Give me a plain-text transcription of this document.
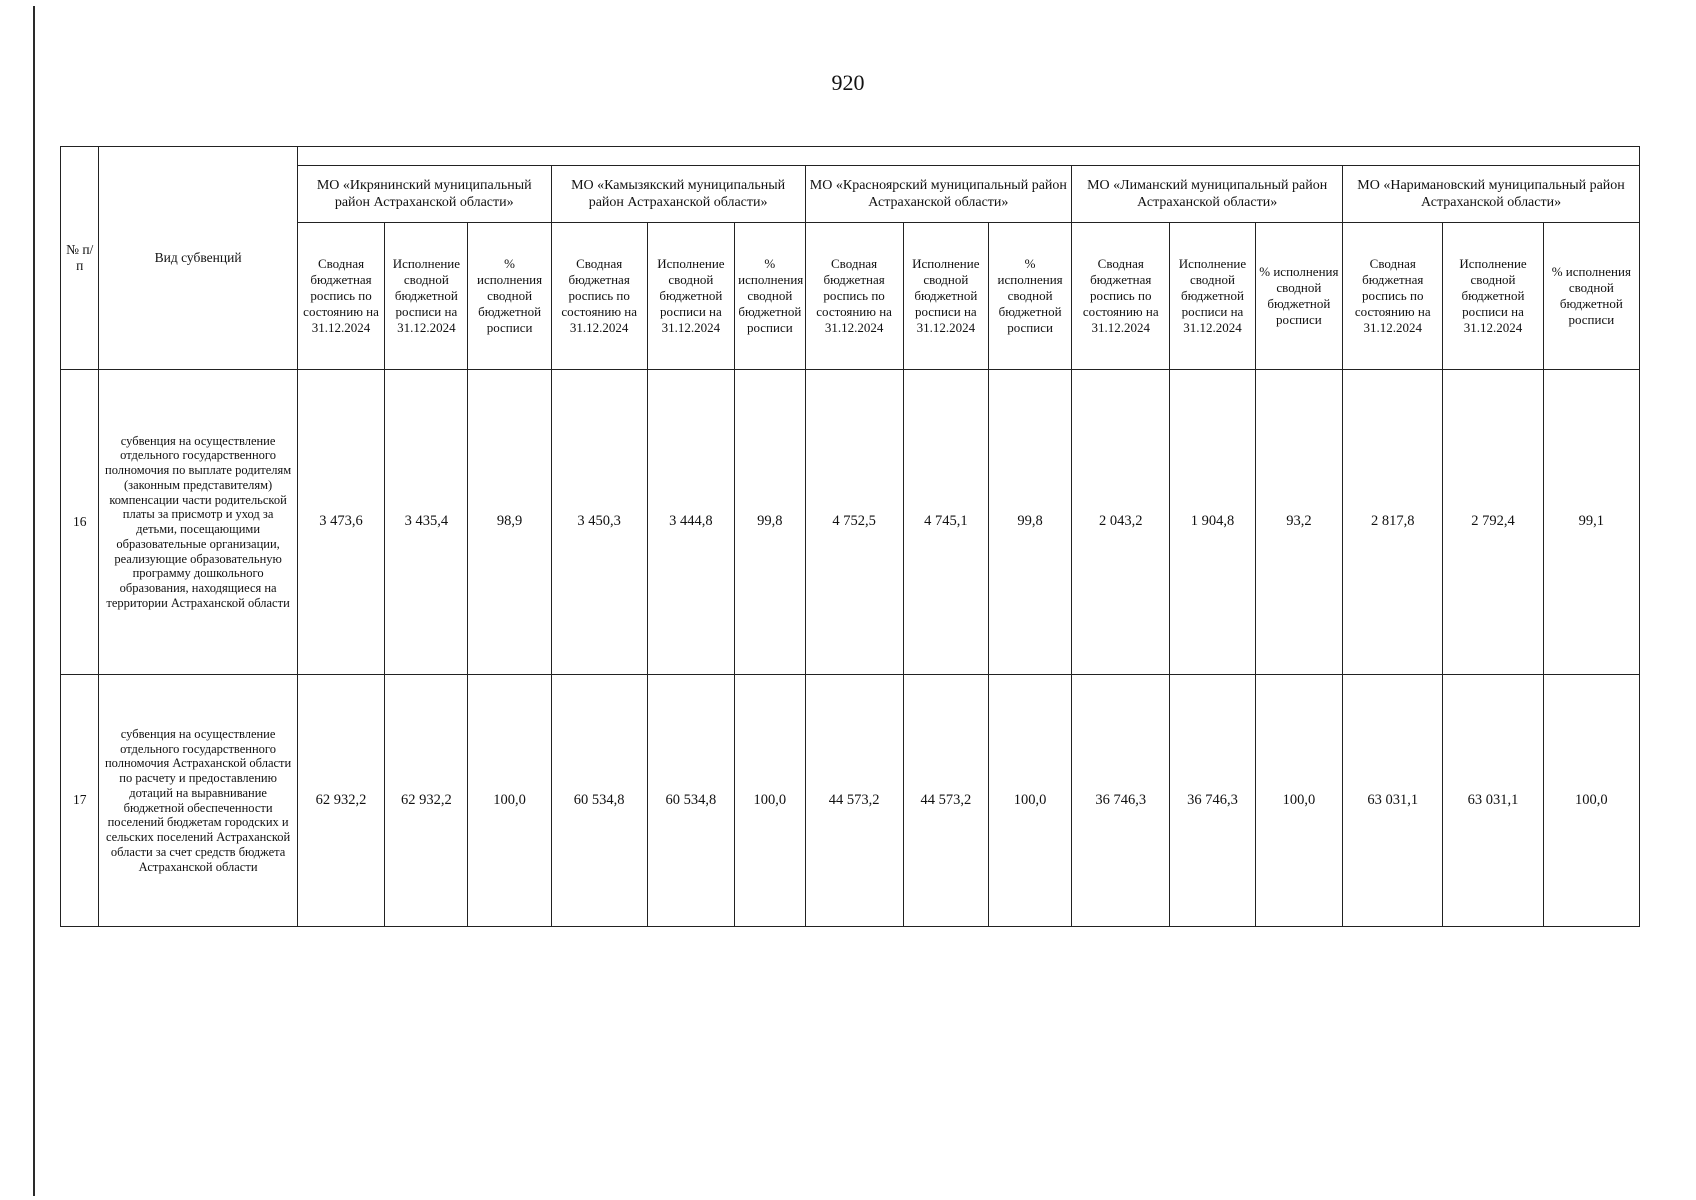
920
№ п/п	Вид субвенций															
		МО «Икрянинский муниципальный район Астраханской области»			МО «Камызякский муниципальный район Астраханской области»			МО «Красноярский муниципальный район Астраханской области»			МО «Лиманский муниципальный район Астраханской области»			МО «Наримановский муниципальный район Астраханской области»		
		Сводная бюджетная роспись по состоянию на 31.12.2024	Исполнение сводной бюджетной росписи на 31.12.2024	% исполнения сводной бюджетной росписи	Сводная бюджетная роспись по состоянию на 31.12.2024	Исполнение сводной бюджетной росписи на 31.12.2024	% исполнения сводной бюджетной росписи	Сводная бюджетная роспись по состоянию на 31.12.2024	Исполнение сводной бюджетной росписи на 31.12.2024	% исполнения сводной бюджетной росписи	Сводная бюджетная роспись по состоянию на 31.12.2024	Исполнение сводной бюджетной росписи на 31.12.2024	% исполнения сводной бюджетной росписи	Сводная бюджетная роспись по состоянию на 31.12.2024	Исполнение сводной бюджетной росписи на 31.12.2024	% исполнения сводной бюджетной росписи
16	субвенция на осуществление отдельного государственного полномочия по выплате родителям (законным представителям) компенсации части родительской платы за присмотр и уход за детьми, посещающими образовательные организации, реализующие образовательную программу дошкольного образования, находящиеся на территории Астраханской области	3 473,6	3 435,4	98,9	3 450,3	3 444,8	99,8	4 752,5	4 745,1	99,8	2 043,2	1 904,8	93,2	2 817,8	2 792,4	99,1
17	субвенция на осуществление отдельного государственного полномочия Астраханской области по расчету и предоставлению дотаций на выравнивание бюджетной обеспеченности поселений бюджетам городских и сельских поселений Астраханской области за счет средств бюджета Астраханской области	62 932,2	62 932,2	100,0	60 534,8	60 534,8	100,0	44 573,2	44 573,2	100,0	36 746,3	36 746,3	100,0	63 031,1	63 031,1	100,0
